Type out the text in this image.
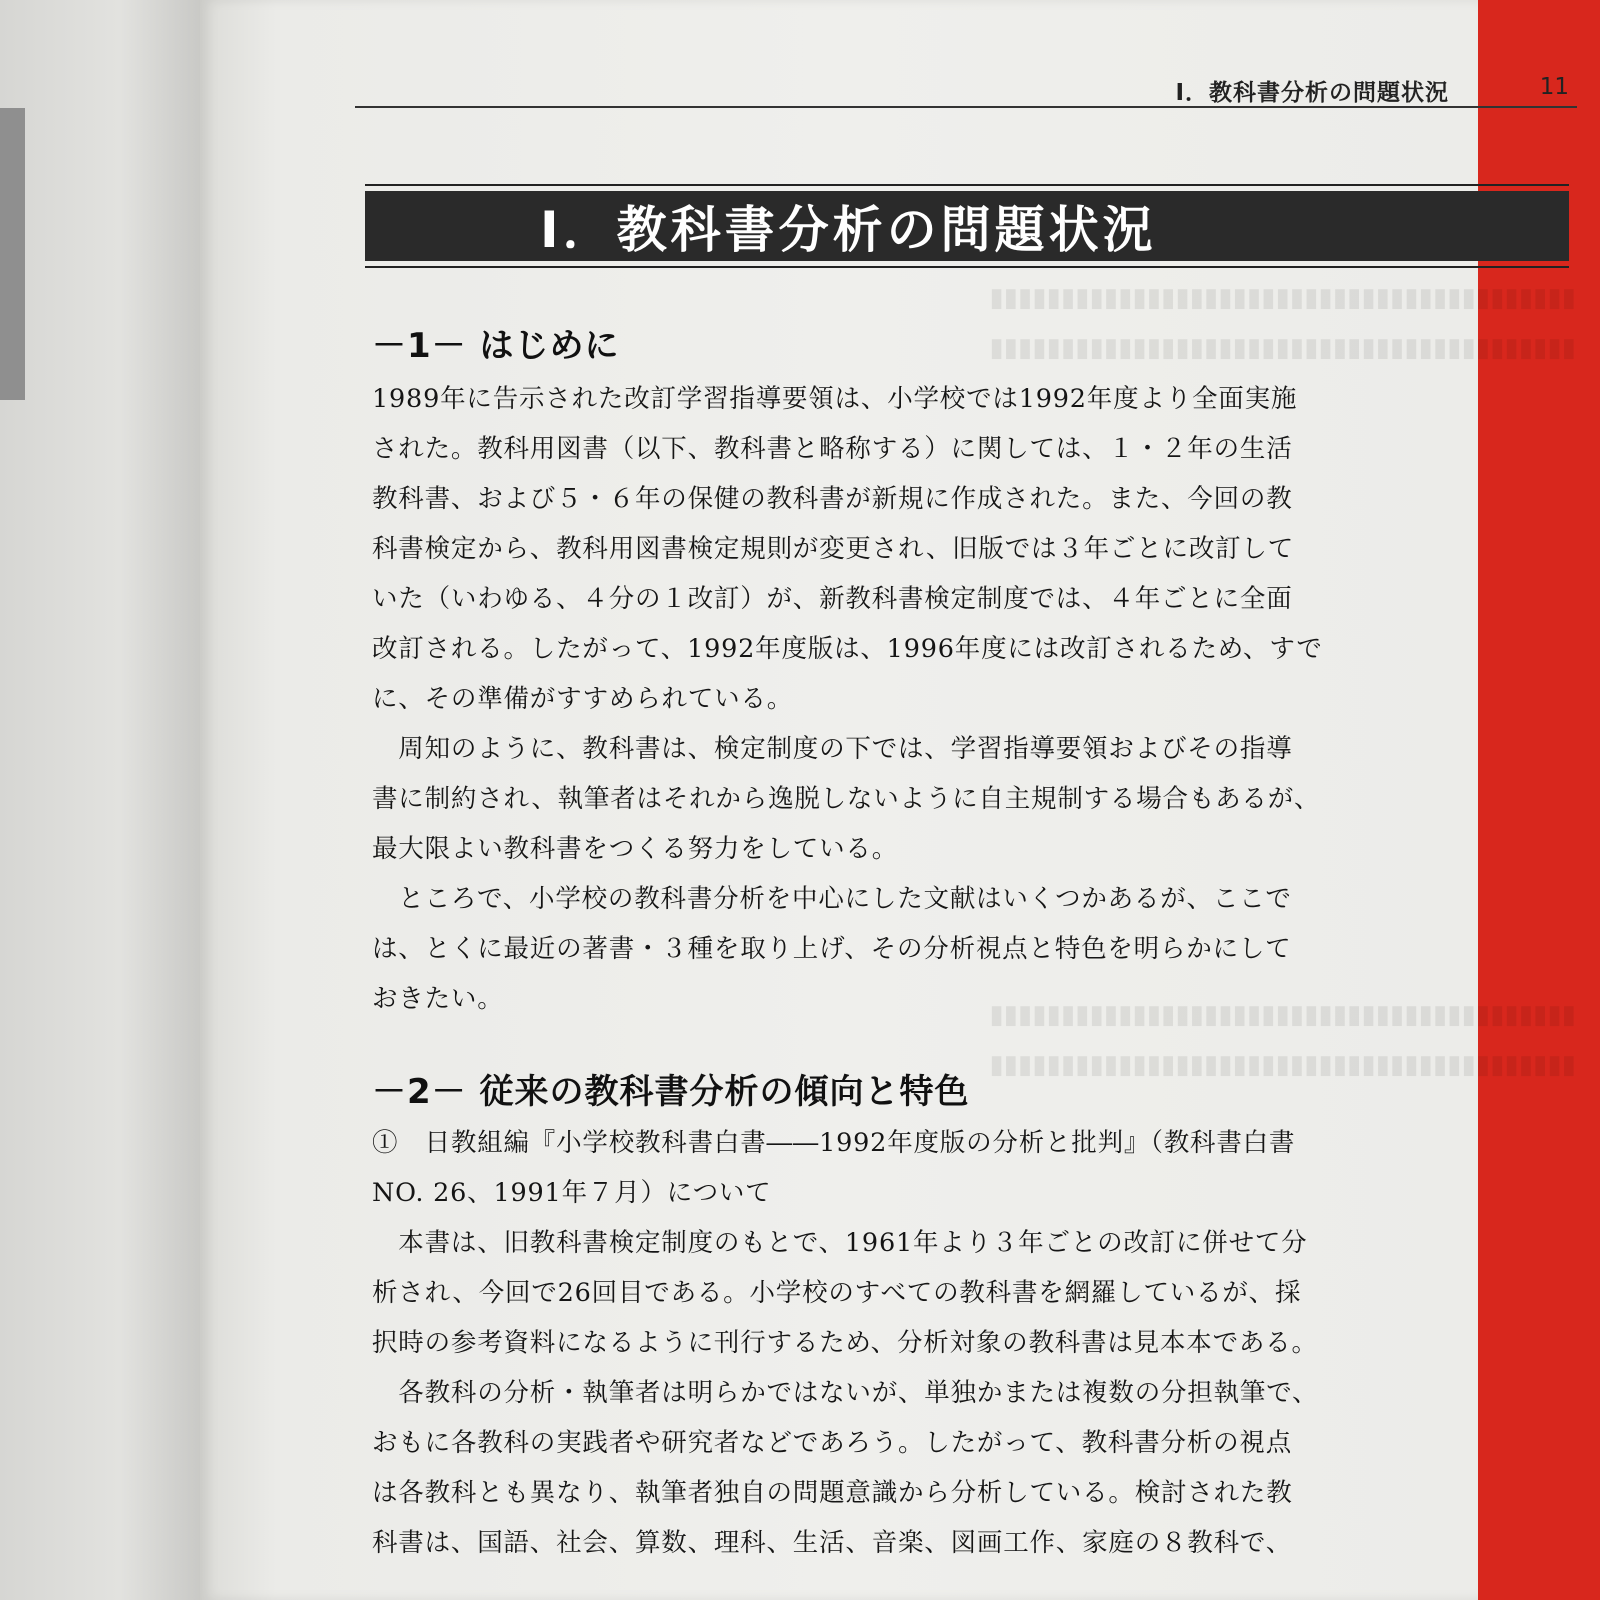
▮▮▮▮▮▮▮▮▮▮▮▮▮▮▮▮▮▮▮▮▮▮▮▮▮▮▮▮▮▮▮▮▮▮▮▮▮▮▮▮▮
▮▮▮▮▮▮▮▮▮▮▮▮▮▮▮▮▮▮▮▮▮▮▮▮▮▮▮▮▮▮▮▮▮▮▮▮▮▮▮▮▮
▮▮▮▮▮▮▮▮▮▮▮▮▮▮▮▮▮▮▮▮▮▮▮▮▮▮▮▮▮▮▮▮▮▮▮▮▮▮▮▮▮
▮▮▮▮▮▮▮▮▮▮▮▮▮▮▮▮▮▮▮▮▮▮▮▮▮▮▮▮▮▮▮▮▮▮▮▮▮▮▮▮▮
Ⅰ．教科書分析の問題状況	11
Ⅰ．教科書分析の問題状況
－1－ はじめに
1989年に告示された改訂学習指導要領は、小学校では1992年度より全面実施
された。教科用図書（以下、教科書と略称する）に関しては、１・２年の生活
教科書、および５・６年の保健の教科書が新規に作成された。また、今回の教
科書検定から、教科用図書検定規則が変更され、旧版では３年ごとに改訂して
いた（いわゆる、４分の１改訂）が、新教科書検定制度では、４年ごとに全面
改訂される。したがって、1992年度版は、1996年度には改訂されるため、すで
に、その準備がすすめられている。
　周知のように、教科書は、検定制度の下では、学習指導要領およびその指導
書に制約され、執筆者はそれから逸脱しないように自主規制する場合もあるが、
最大限よい教科書をつくる努力をしている。
　ところで、小学校の教科書分析を中心にした文献はいくつかあるが、ここで
は、とくに最近の著書・３種を取り上げ、その分析視点と特色を明らかにして
おきたい。
－2－ 従来の教科書分析の傾向と特色
①　日教組編『小学校教科書白書――1992年度版の分析と批判』（教科書白書
NO. 26、1991年７月）について
　本書は、旧教科書検定制度のもとで、1961年より３年ごとの改訂に併せて分
析され、今回で26回目である。小学校のすべての教科書を網羅しているが、採
択時の参考資料になるように刊行するため、分析対象の教科書は見本本である。
　各教科の分析・執筆者は明らかではないが、単独かまたは複数の分担執筆で、
おもに各教科の実践者や研究者などであろう。したがって、教科書分析の視点
は各教科とも異なり、執筆者独自の問題意識から分析している。検討された教
科書は、国語、社会、算数、理科、生活、音楽、図画工作、家庭の８教科で、
